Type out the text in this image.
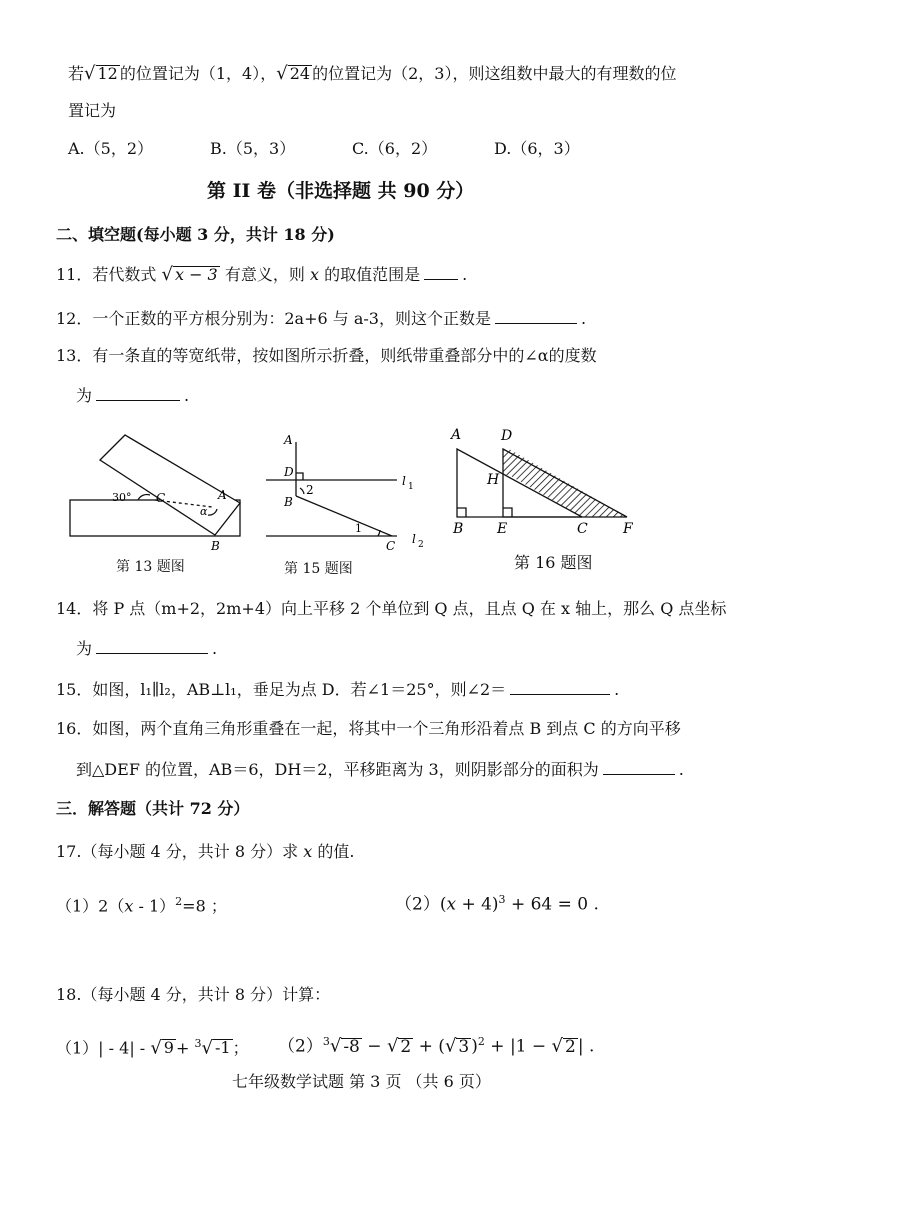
若√ 12 的位置记为（1，4），√ 24 的位置记为（2，3），则这组数中最大的有理数的位
置记为
A.（5，2）	B.（5，3）	C.（6，2）	D.（6，3）
第 II 卷（非选择题 共 90 分）
二、填空题(每小题 3 分，共计 18 分)
11．若代数式 √ x − 3 有意义，则 x 的取值范围是	.
12．一个正数的平方根分别为：2a+6 与 a-3，则这个正数是	.
13．有一条直的等宽纸带，按如图所示折叠，则纸带重叠部分中的∠α的度数
为	.
30° C	A
α
B
第 13 题图
A
D
l 1
2
B
1
C l 2
第 15 题图
A	D
H
B E	C	F
第 16 题图
14．将 P 点（m+2，2m+4）向上平移 2 个单位到 Q 点，且点 Q 在 x 轴上，那么 Q 点坐标
为	.
15．如图，l₁∥l₂，AB⊥l₁，垂足为点 D．若∠1＝25°，则∠2＝	.
16．如图，两个直角三角形重叠在一起，将其中一个三角形沿着点 B 到点 C 的方向平移
到△DEF 的位置，AB＝6，DH＝2，平移距离为 3，则阴影部分的面积为	.
三．解答题（共计 72 分）
17.（每小题 4 分，共计 8 分）求 x 的值.
（1）2（x - 1）$^2$=8 ；	$(2)(x + 4)^3 + 64 = 0$ .
18.（每小题 4 分，共计 8 分）计算：
（1）| - 4| - √ 9 + $^3$√ -1 ； $(2)^3√$ -8 − √ 2 + (√ 3 )$^2$ + |1 − √ 2 | .
七年级数学试题 第 3 页 （共 6 页）
